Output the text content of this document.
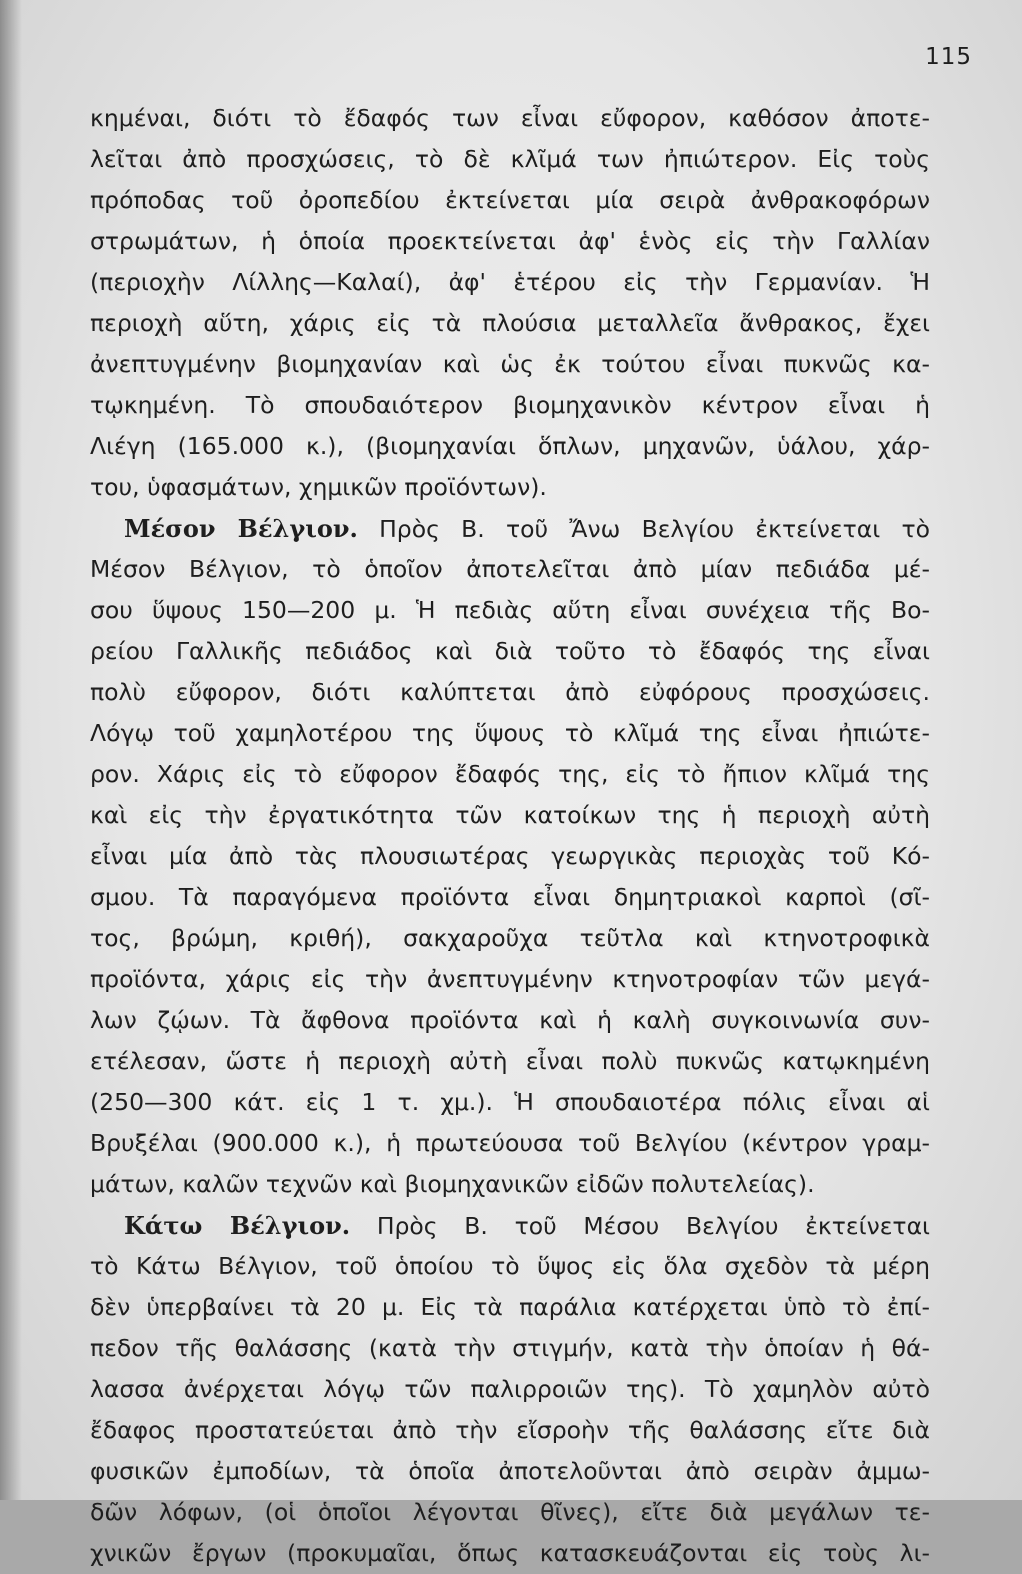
115
κημέναι, διότι τὸ ἔδαφός των εἶναι εὔφορον, καθόσον ἀποτε-
λεῖται ἀπὸ προσχώσεις, τὸ δὲ κλῖμά των ἠπιώτερον. Εἰς τοὺς
πρόποδας τοῦ ὀροπεδίου ἐκτείνεται μία σειρὰ ἀνθρακοφόρων
στρωμάτων, ἡ ὁποία προεκτείνεται ἀφ' ἑνὸς εἰς τὴν Γαλλίαν
(περιοχὴν Λίλλης—Καλαί), ἀφ' ἑτέρου εἰς τὴν Γερμανίαν. Ἡ
περιοχὴ αὕτη, χάρις εἰς τὰ πλούσια μεταλλεῖα ἄνθρακος, ἔχει
ἀνεπτυγμένην βιομηχανίαν καὶ ὡς ἐκ τούτου εἶναι πυκνῶς κα-
τῳκημένη. Τὸ σπουδαιότερον βιομηχανικὸν κέντρον εἶναι ἡ
Λιέγη (165.000 κ.), (βιομηχανίαι ὅπλων, μηχανῶν, ὑάλου, χάρ-
του, ὑφασμάτων, χημικῶν προϊόντων).
Μέσον Βέλγιον. Πρὸς Β. τοῦ Ἄνω Βελγίου ἐκτείνεται τὸ
Μέσον Βέλγιον, τὸ ὁποῖον ἀποτελεῖται ἀπὸ μίαν πεδιάδα μέ-
σου ὕψους 150—200 μ. Ἡ πεδιὰς αὕτη εἶναι συνέχεια τῆς Βο-
ρείου Γαλλικῆς πεδιάδος καὶ διὰ τοῦτο τὸ ἔδαφός της εἶναι
πολὺ εὔφορον, διότι καλύπτεται ἀπὸ εὐφόρους προσχώσεις.
Λόγῳ τοῦ χαμηλοτέρου της ὕψους τὸ κλῖμά της εἶναι ἠπιώτε-
ρον. Χάρις εἰς τὸ εὔφορον ἔδαφός της, εἰς τὸ ἤπιον κλῖμά της
καὶ εἰς τὴν ἐργατικότητα τῶν κατοίκων της ἡ περιοχὴ αὐτὴ
εἶναι μία ἀπὸ τὰς πλουσιωτέρας γεωργικὰς περιοχὰς τοῦ Κό-
σμου. Τὰ παραγόμενα προϊόντα εἶναι δημητριακοὶ καρποὶ (σῖ-
τος, βρώμη, κριθή), σακχαροῦχα τεῦτλα καὶ κτηνοτροφικὰ
προϊόντα, χάρις εἰς τὴν ἀνεπτυγμένην κτηνοτροφίαν τῶν μεγά-
λων ζῴων. Τὰ ἄφθονα προϊόντα καὶ ἡ καλὴ συγκοινωνία συν-
ετέλεσαν, ὥστε ἡ περιοχὴ αὐτὴ εἶναι πολὺ πυκνῶς κατῳκημένη
(250—300 κάτ. εἰς 1 τ. χμ.). Ἡ σπουδαιοτέρα πόλις εἶναι αἱ
Βρυξέλαι (900.000 κ.), ἡ πρωτεύουσα τοῦ Βελγίου (κέντρον γραμ-
μάτων, καλῶν τεχνῶν καὶ βιομηχανικῶν εἰδῶν πολυτελείας).
Κάτω Βέλγιον. Πρὸς Β. τοῦ Μέσου Βελγίου ἐκτείνεται
τὸ Κάτω Βέλγιον, τοῦ ὁποίου τὸ ὕψος εἰς ὅλα σχεδὸν τὰ μέρη
δὲν ὑπερβαίνει τὰ 20 μ. Εἰς τὰ παράλια κατέρχεται ὑπὸ τὸ ἐπί-
πεδον τῆς θαλάσσης (κατὰ τὴν στιγμήν, κατὰ τὴν ὁποίαν ἡ θά-
λασσα ἀνέρχεται λόγῳ τῶν παλιρροιῶν της). Τὸ χαμηλὸν αὐτὸ
ἔδαφος προστατεύεται ἀπὸ τὴν εἴσροὴν τῆς θαλάσσης εἴτε διὰ
φυσικῶν ἐμποδίων, τὰ ὁποῖα ἀποτελοῦνται ἀπὸ σειρὰν ἀμμω-
δῶν λόφων, (οἱ ὁποῖοι λέγονται θῖνες), εἴτε διὰ μεγάλων τε-
χνικῶν ἔργων (προκυμαῖαι, ὅπως κατασκευάζονται εἰς τοὺς λι-
